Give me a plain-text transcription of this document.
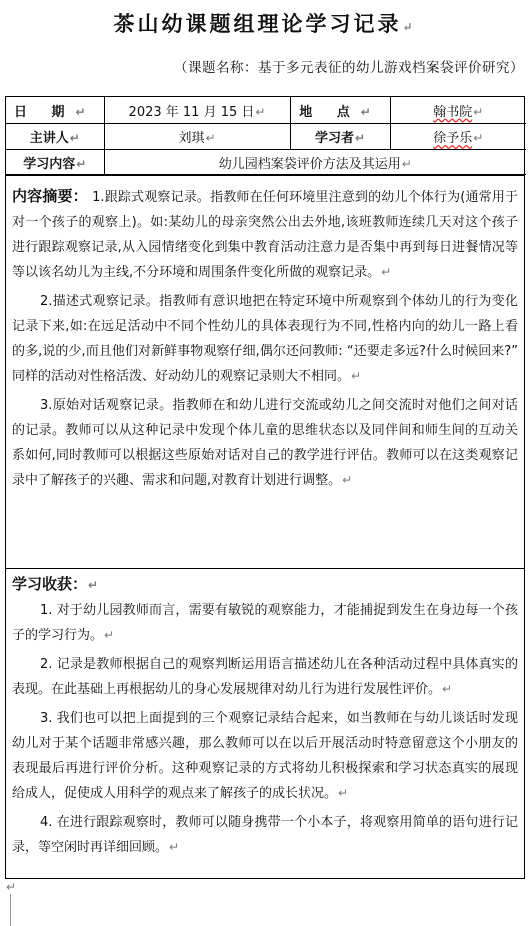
茶山幼课题组理论学习记录↵
（课题名称：基于多元表征的幼儿游戏档案袋评价研究）
日 期↵	2023 年 11 月 15 日↵	地 点↵	翰书院↵
主讲人↵	刘琪↵	学习者↵	徐予乐↵
学习内容↵	幼儿园档案袋评价方法及其运用↵		

内容摘要： 1.跟踪式观察记录。指教师在任何环境里注意到的幼儿个体行为(通常用于对一个孩子的观察上)。如:某幼儿的母亲突然公出去外地,该班教师连续几天对这个孩子进行跟踪观察记录,从入园情绪变化到集中教育活动注意力是否集中再到每日进餐情况等等以该名幼儿为主线,不分环境和周围条件变化所做的观察记录。↵

2.描述式观察记录。指教师有意识地把在特定环境中所观察到个体幼儿的行为变化记录下来,如:在远足活动中不同个性幼儿的具体表现行为不同,性格内向的幼儿一路上看的多,说的少,而且他们对新鲜事物观察仔细,偶尔还问教师: “还要走多远?什么时候回来?” 同样的活动对性格活泼、好动幼儿的观察记录则大不相同。↵

3.原始对话观察记录。指教师在和幼儿进行交流或幼儿之间交流时对他们之间对话的记录。教师可以从这种记录中发现个体儿童的思维状态以及同伴间和师生间的互动关系如何,同时教师可以根据这些原始对话对自己的教学进行评估。教师可以在这类观察记录中了解孩子的兴趣、需求和问题,对教育计划进行调整。↵

学习收获：↵

1. 对于幼儿园教师而言，需要有敏锐的观察能力，才能捕捉到发生在身边每一个孩子的学习行为。↵

2. 记录是教师根据自己的观察判断运用语言描述幼儿在各种活动过程中具体真实的表现。在此基础上再根据幼儿的身心发展规律对幼儿行为进行发展性评价。↵

3. 我们也可以把上面提到的三个观察记录结合起来，如当教师在与幼儿谈话时发现幼儿对于某个话题非常感兴趣，那么教师可以在以后开展活动时特意留意这个小朋友的表现最后再进行评价分析。这种观察记录的方式将幼儿积极探索和学习状态真实的展现给成人，促使成人用科学的观点来了解孩子的成长状况。↵

4. 在进行跟踪观察时，教师可以随身携带一个小本子，将观察用简单的语句进行记录，等空闲时再详细回顾。↵

↵
